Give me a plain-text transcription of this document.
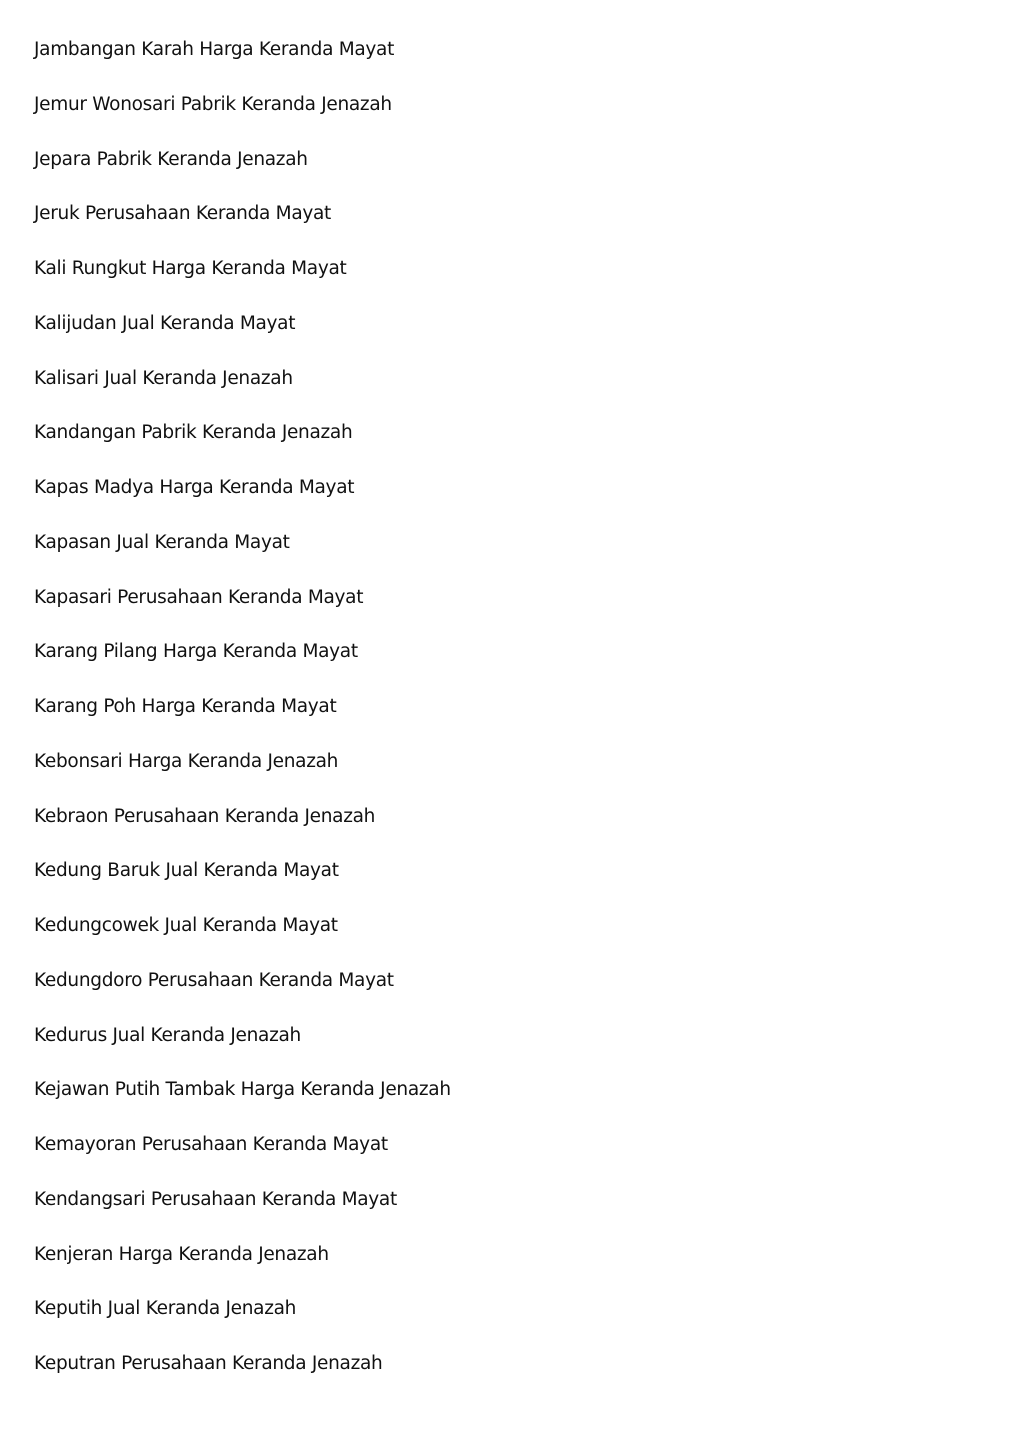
Jambangan Karah Harga Keranda Mayat
Jemur Wonosari Pabrik Keranda Jenazah
Jepara Pabrik Keranda Jenazah
Jeruk Perusahaan Keranda Mayat
Kali Rungkut Harga Keranda Mayat
Kalijudan Jual Keranda Mayat
Kalisari Jual Keranda Jenazah
Kandangan Pabrik Keranda Jenazah
Kapas Madya Harga Keranda Mayat
Kapasan Jual Keranda Mayat
Kapasari Perusahaan Keranda Mayat
Karang Pilang Harga Keranda Mayat
Karang Poh Harga Keranda Mayat
Kebonsari Harga Keranda Jenazah
Kebraon Perusahaan Keranda Jenazah
Kedung Baruk Jual Keranda Mayat
Kedungcowek Jual Keranda Mayat
Kedungdoro Perusahaan Keranda Mayat
Kedurus Jual Keranda Jenazah
Kejawan Putih Tambak Harga Keranda Jenazah
Kemayoran Perusahaan Keranda Mayat
Kendangsari Perusahaan Keranda Mayat
Kenjeran Harga Keranda Jenazah
Keputih Jual Keranda Jenazah
Keputran Perusahaan Keranda Jenazah
